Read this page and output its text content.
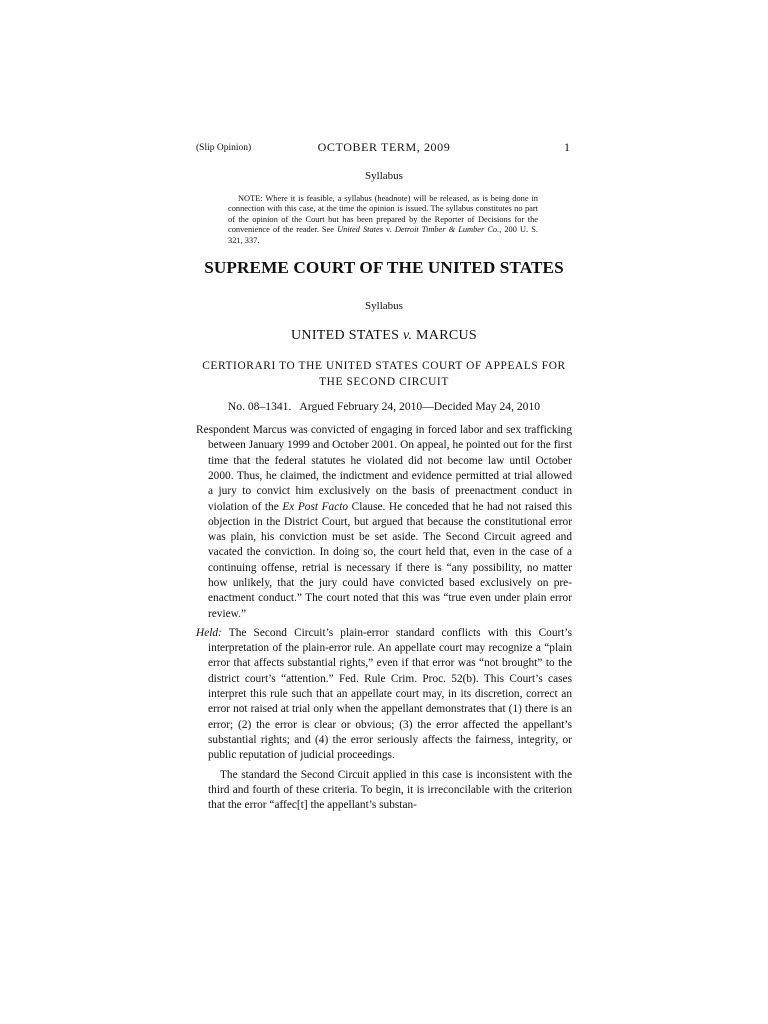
(Slip Opinion)	OCTOBER TERM, 2009	1
Syllabus
NOTE: Where it is feasible, a syllabus (headnote) will be released, as is being done in connection with this case, at the time the opinion is issued. The syllabus constitutes no part of the opinion of the Court but has been prepared by the Reporter of Decisions for the convenience of the reader. See United States v. Detroit Timber & Lumber Co., 200 U. S. 321, 337.
SUPREME COURT OF THE UNITED STATES
Syllabus
UNITED STATES v. MARCUS
CERTIORARI TO THE UNITED STATES COURT OF APPEALS FOR
THE SECOND CIRCUIT
No. 08–1341.   Argued February 24, 2010—Decided May 24, 2010

Respondent Marcus was convicted of engaging in forced labor and sex trafficking between January 1999 and October 2001. On appeal, he pointed out for the first time that the federal statutes he violated did not become law until October 2000. Thus, he claimed, the indictment and evidence permitted at trial allowed a jury to convict him exclusively on the basis of preenactment conduct in violation of the Ex Post Facto Clause. He conceded that he had not raised this objection in the District Court, but argued that because the constitutional error was plain, his conviction must be set aside. The Second Circuit agreed and vacated the conviction. In doing so, the court held that, even in the case of a continuing offense, retrial is necessary if there is “any possibility, no matter how unlikely, that the jury could have convicted based exclusively on pre-enactment conduct.” The court noted that this was “true even under plain error review.”

Held: The Second Circuit’s plain-error standard conflicts with this Court’s interpretation of the plain-error rule. An appellate court may recognize a “plain error that affects substantial rights,” even if that error was “not brought” to the district court’s “attention.” Fed. Rule Crim. Proc. 52(b). This Court’s cases interpret this rule such that an appellate court may, in its discretion, correct an error not raised at trial only when the appellant demonstrates that (1) there is an error; (2) the error is clear or obvious; (3) the error affected the appellant’s substantial rights; and (4) the error seriously affects the fairness, integrity, or public reputation of judicial proceedings.

The standard the Second Circuit applied in this case is inconsistent with the third and fourth of these criteria. To begin, it is irreconcilable with the criterion that the error “affec[t] the appellant’s substan-
